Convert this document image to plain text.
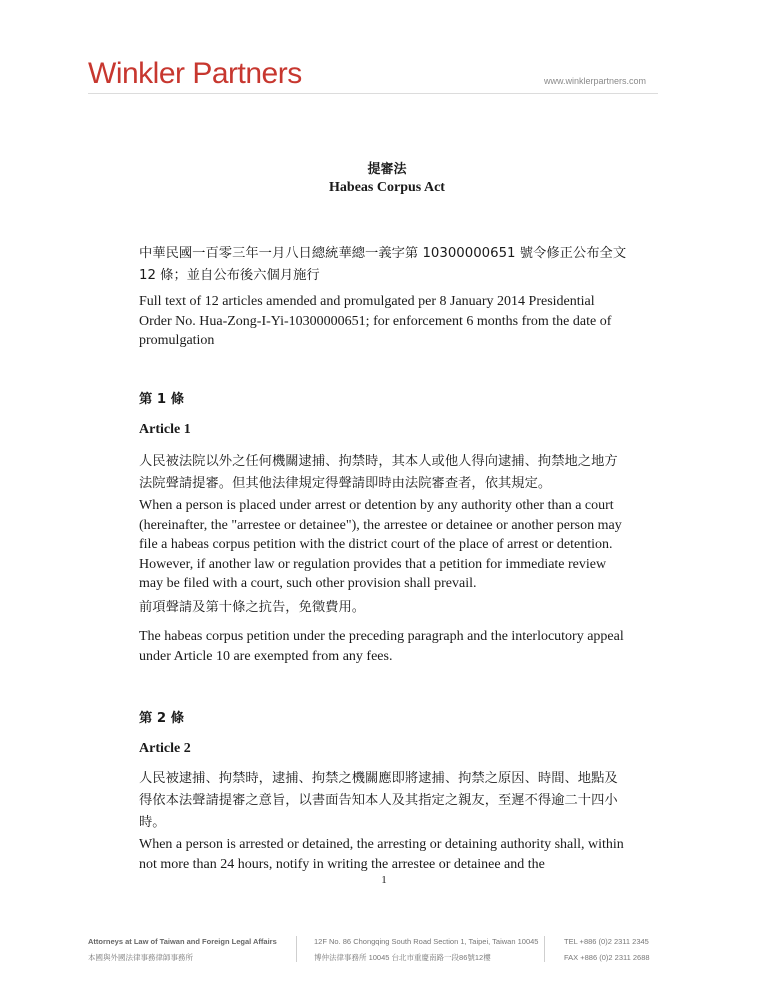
Winkler Partners	www.winklerpartners.com
提審法
Habeas Corpus Act

中華民國一百零三年一月八日總統華總一義字第 10300000651 號令修正公布全文 12 條；並自公布後六個月施行

Full text of 12 articles amended and promulgated per 8 January 2014 Presidential Order No. Hua-Zong-I-Yi-10300000651; for enforcement 6 months from the date of promulgation

第 1 條

Article 1

人民被法院以外之任何機關逮捕、拘禁時，其本人或他人得向逮捕、拘禁地之地方法院聲請提審。但其他法律規定得聲請即時由法院審查者，依其規定。

When a person is placed under arrest or detention by any authority other than a court (hereinafter, the "arrestee or detainee"), the arrestee or detainee or another person may file a habeas corpus petition with the district court of the place of arrest or detention. However, if another law or regulation provides that a petition for immediate review may be filed with a court, such other provision shall prevail.

前項聲請及第十條之抗告，免徵費用。

The habeas corpus petition under the preceding paragraph and the interlocutory appeal under Article 10 are exempted from any fees.

第 2 條

Article 2

人民被逮捕、拘禁時，逮捕、拘禁之機關應即將逮捕、拘禁之原因、時間、地點及得依本法聲請提審之意旨，以書面告知本人及其指定之親友，至遲不得逾二十四小時。

When a person is arrested or detained, the arresting or detaining authority shall, within not more than 24 hours, notify in writing the arrestee or detainee and the

1
Attorneys at Law of Taiwan and Foreign Legal Affairs
本國與外國法律事務律師事務所
12F No. 86 Chongqing South Road Section 1, Taipei, Taiwan 10045
博仲法律事務所 10045 台北市重慶南路一段86號12樓
TEL +886 (0)2 2311 2345
FAX +886 (0)2 2311 2688
